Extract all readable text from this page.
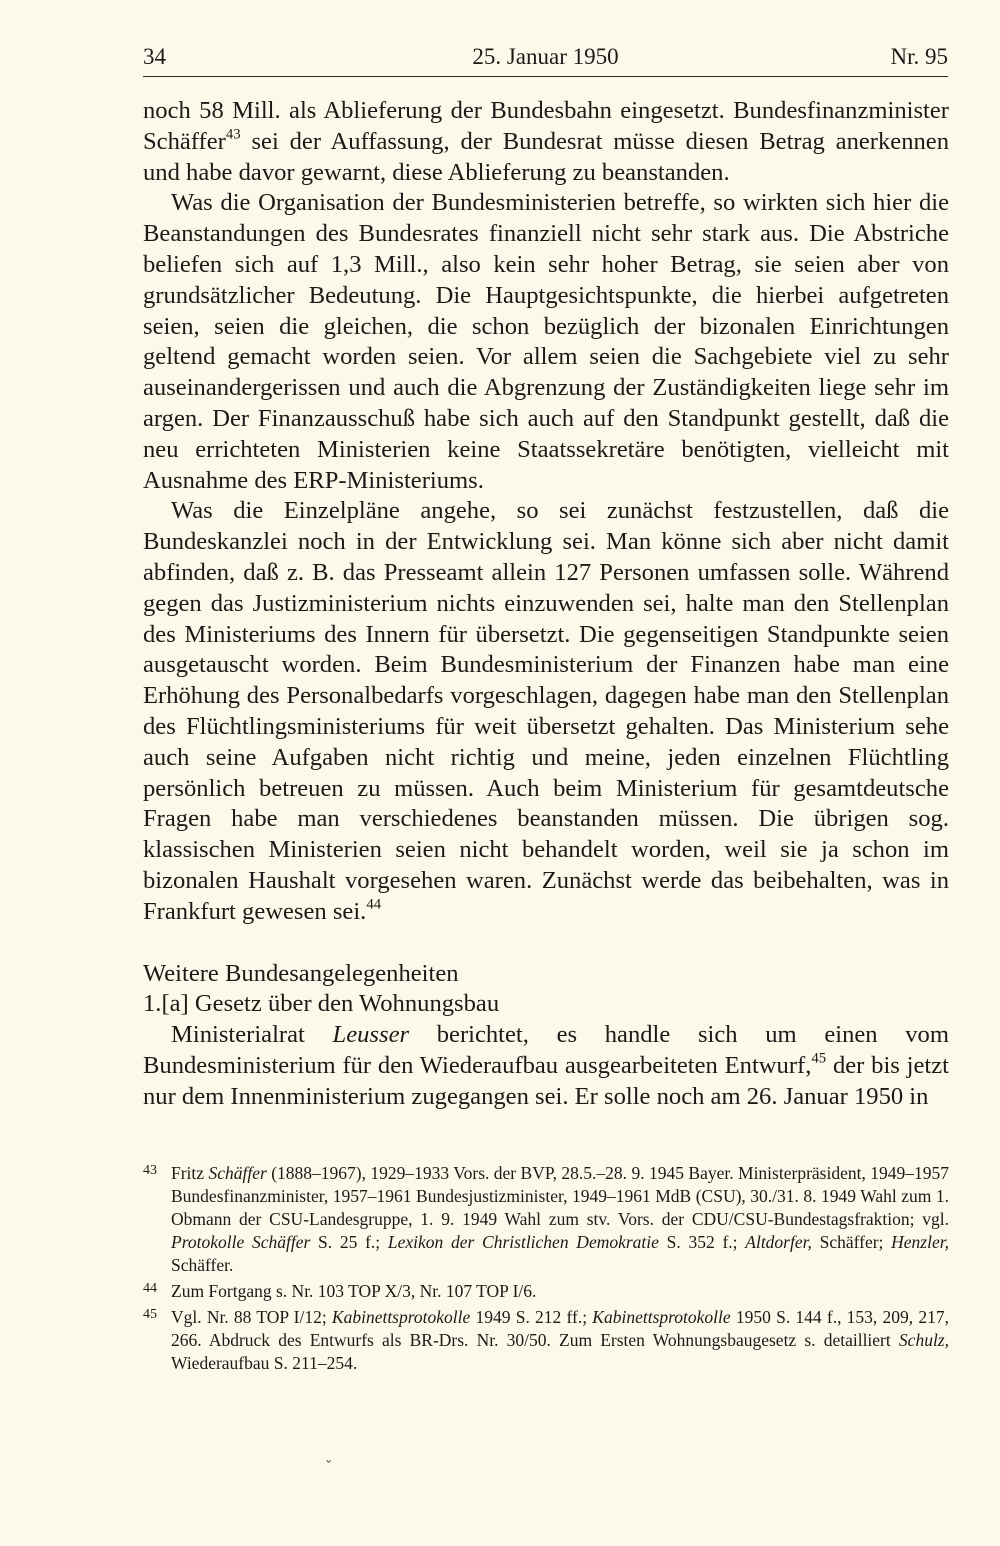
34	25. Januar 1950	Nr. 95

noch 58 Mill. als Ablieferung der Bundesbahn eingesetzt. Bundesfinanzminister Schäffer$^{43}$ sei der Auffassung, der Bundesrat müsse diesen Betrag anerkennen und habe davor gewarnt, diese Ablieferung zu beanstanden.

Was die Organisation der Bundesministerien betreffe, so wirkten sich hier die Beanstandungen des Bundesrates finanziell nicht sehr stark aus. Die Abstriche beliefen sich auf 1,3 Mill., also kein sehr hoher Betrag, sie seien aber von grundsätzlicher Bedeutung. Die Hauptgesichtspunkte, die hierbei aufgetreten seien, seien die gleichen, die schon bezüglich der bizonalen Einrichtungen geltend gemacht worden seien. Vor allem seien die Sachgebiete viel zu sehr auseinandergerissen und auch die Abgrenzung der Zuständigkeiten liege sehr im argen. Der Finanzausschuß habe sich auch auf den Standpunkt gestellt, daß die neu errichteten Ministerien keine Staatssekretäre benötigten, vielleicht mit Ausnahme des ERP-Ministeriums.

Was die Einzelpläne angehe, so sei zunächst festzustellen, daß die Bundeskanzlei noch in der Entwicklung sei. Man könne sich aber nicht damit abfinden, daß z. B. das Presseamt allein 127 Personen umfassen solle. Während gegen das Justizministerium nichts einzuwenden sei, halte man den Stellenplan des Ministeriums des Innern für übersetzt. Die gegenseitigen Standpunkte seien ausgetauscht worden. Beim Bundesministerium der Finanzen habe man eine Erhöhung des Personalbedarfs vorgeschlagen, dagegen habe man den Stellenplan des Flüchtlingsministeriums für weit übersetzt gehalten. Das Ministerium sehe auch seine Aufgaben nicht richtig und meine, jeden einzelnen Flüchtling persönlich betreuen zu müssen. Auch beim Ministerium für gesamtdeutsche Fragen habe man verschiedenes beanstanden müssen. Die übrigen sog. klassischen Ministerien seien nicht behandelt worden, weil sie ja schon im bizonalen Haushalt vorgesehen waren. Zunächst werde das beibehalten, was in Frankfurt gewesen sei.$^{44}$

Weitere Bundesangelegenheiten

1.[a] Gesetz über den Wohnungsbau

Ministerialrat Leusser berichtet, es handle sich um einen vom Bundesministerium für den Wiederaufbau ausgearbeiteten Entwurf,$^{45}$ der bis jetzt nur dem Innenministerium zugegangen sei. Er solle noch am 26. Januar 1950 in

43 Fritz Schäffer (1888–1967), 1929–1933 Vors. der BVP, 28.5.–28. 9. 1945 Bayer. Ministerpräsident, 1949–1957 Bundesfinanzminister, 1957–1961 Bundesjustizminister, 1949–1961 MdB (CSU), 30./31. 8. 1949 Wahl zum 1. Obmann der CSU-Landesgruppe, 1. 9. 1949 Wahl zum stv. Vors. der CDU/CSU-Bundestagsfraktion; vgl. Protokolle Schäffer S. 25 f.; Lexikon der Christlichen Demokratie S. 352 f.; Altdorfer, Schäffer; Henzler, Schäffer.

44 Zum Fortgang s. Nr. 103 TOP X/3, Nr. 107 TOP I/6.

45 Vgl. Nr. 88 TOP I/12; Kabinettsprotokolle 1949 S. 212 ff.; Kabinettsprotokolle 1950 S. 144 f., 153, 209, 217, 266. Abdruck des Entwurfs als BR-Drs. Nr. 30/50. Zum Ersten Wohnungsbaugesetz s. detailliert Schulz, Wiederaufbau S. 211–254.

ˇ
